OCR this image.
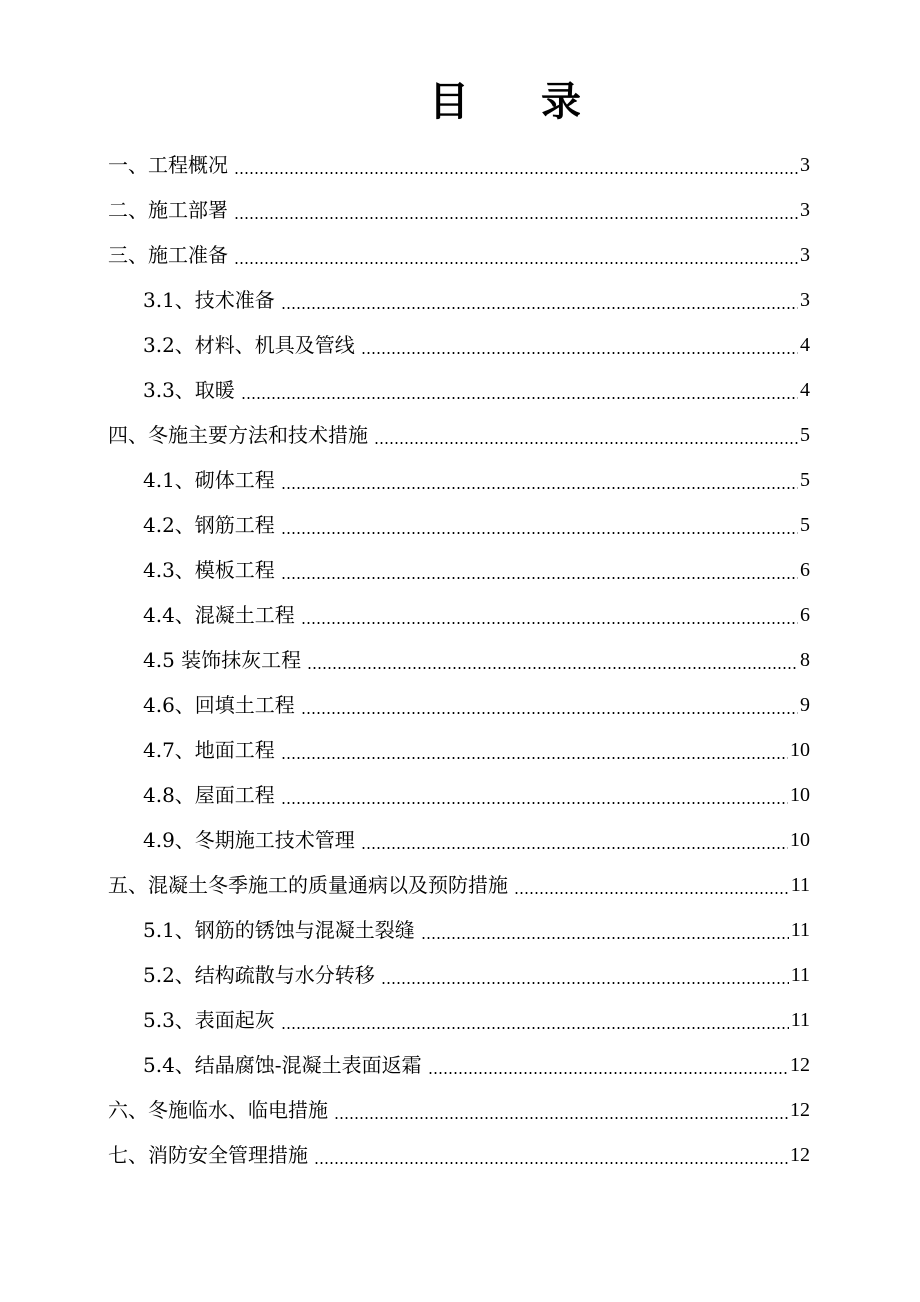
目 录
一、工程概况	3
二、施工部署	3
三、施工准备	3
3.1、技术准备	3
3.2、材料、机具及管线	4
3.3、取暖	4
四、冬施主要方法和技术措施	5
4.1、砌体工程	5
4.2、钢筋工程	5
4.3、模板工程	6
4.4、混凝土工程	6
4.5 装饰抹灰工程	8
4.6、回填土工程	9
4.7、地面工程	10
4.8、屋面工程	10
4.9、冬期施工技术管理	10
五、混凝土冬季施工的质量通病以及预防措施	11
5.1、钢筋的锈蚀与混凝土裂缝	11
5.2、结构疏散与水分转移	11
5.3、表面起灰	11
5.4、结晶腐蚀-混凝土表面返霜	12
六、冬施临水、临电措施	12
七、消防安全管理措施	12
